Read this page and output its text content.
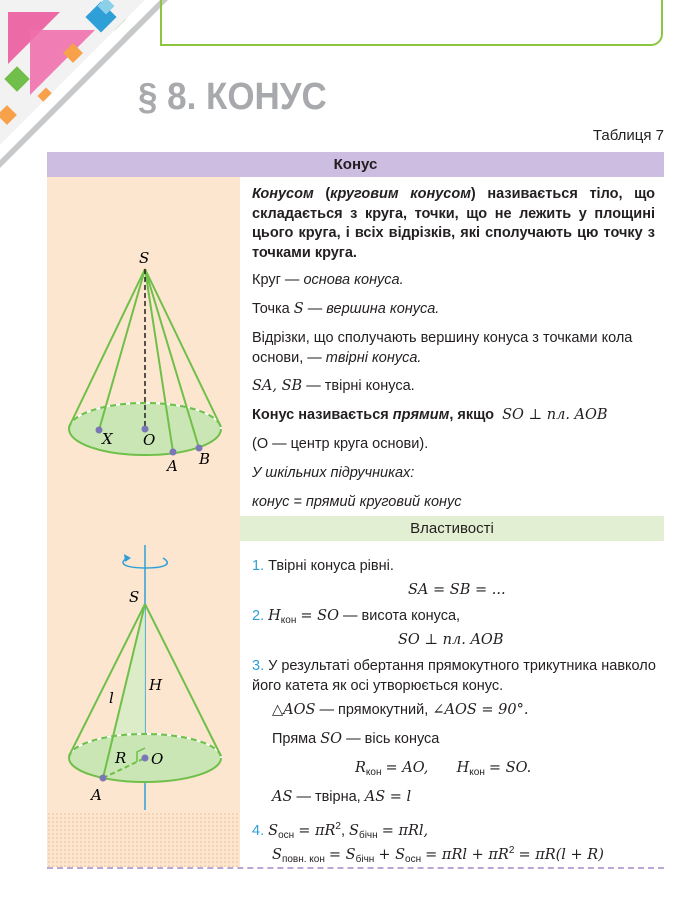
§ 8. КОНУС
Таблиця 7
Конус
S
X O
A B
S
l
H
R O
A
Конусом (круговим конусом) називається тіло, що складається з круга, точки, що не лежить у площині цього круга, і всіх відрізків, які сполучають цю точку з точками круга.
Круг — основа конуса.
Точка S — вершина конуса.
Відрізки, що сполучають вершину конуса з точками кола основи, — твірні конуса.
SA, SB — твірні конуса.
Конус називається прямим, якщо SO ⊥ пл. AOB
(O — центр круга основи).
У шкільних підручниках:
конус = прямий круговий конус
Властивості
1. Твірні конуса рівні.
SA = SB = ...
2. $H_{кон}$ = SO — висота конуса,
SO ⊥ пл. AOB
3. У результаті обертання прямокутного трикутника навколо його катета як осі утворюється конус.
△AOS — прямокутний, ∠AOS = 90°.
Пряма SO — вісь конуса
$R_{кон}$ = AO, $H_{кон}$ = SO.
AS — твірна, AS = l
4. $S_{осн} = \pi R^2$, $S_{бічн} = \pi Rl$,
$S_{повн. кон} = S_{бічн} + S_{осн} = \pi Rl + \pi R^2 = \pi R(l + R)$
